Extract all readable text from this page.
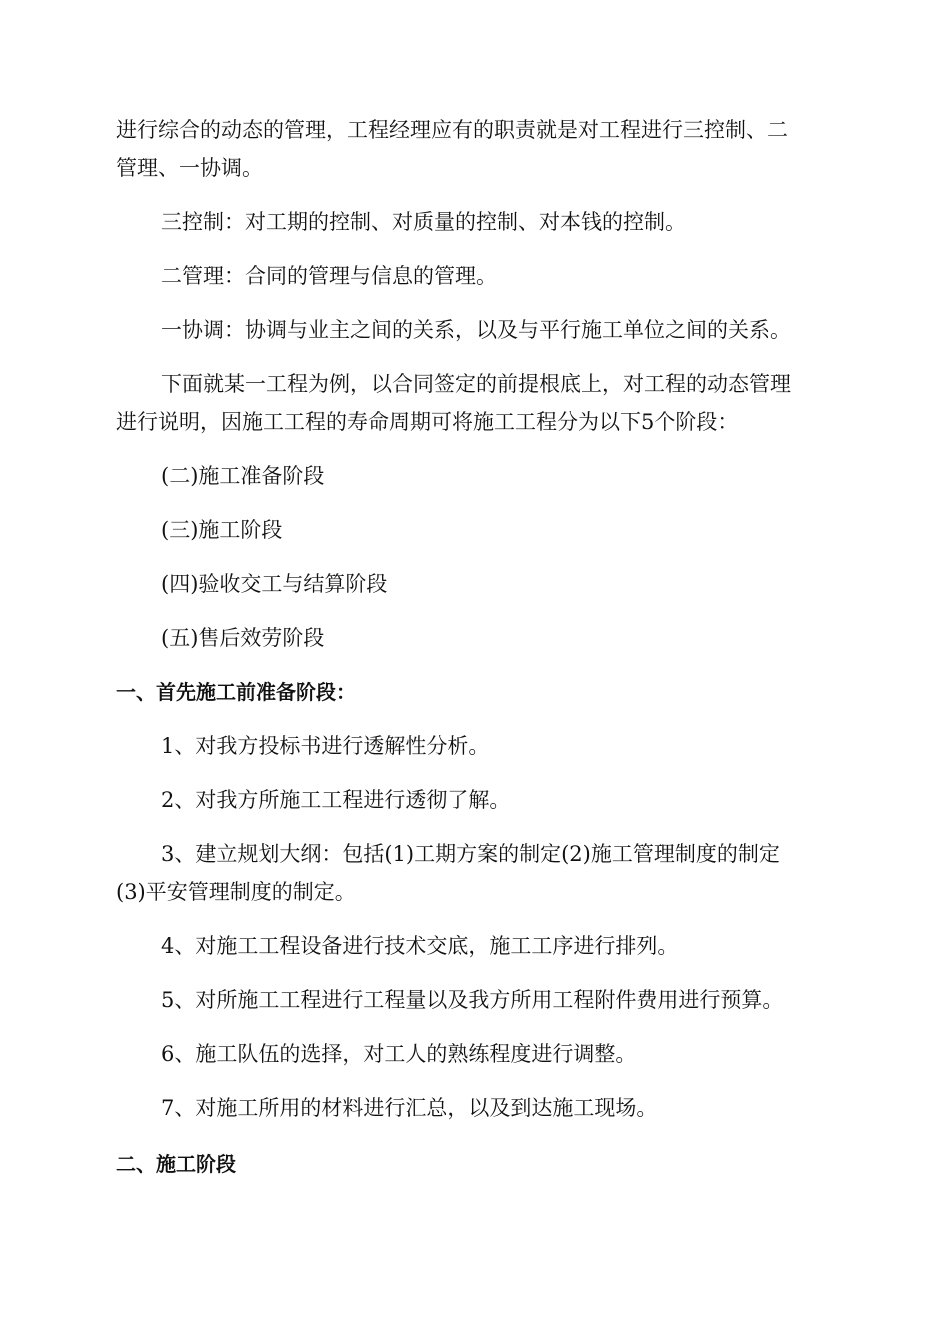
进行综合的动态的管理，工程经理应有的职责就是对工程进行三控制、二
管理、一协调。
三控制：对工期的控制、对质量的控制、对本钱的控制。
二管理：合同的管理与信息的管理。
一协调：协调与业主之间的关系，以及与平行施工单位之间的关系。
下面就某一工程为例，以合同签定的前提根底上，对工程的动态管理
进行说明，因施工工程的寿命周期可将施工工程分为以下5个阶段：
(二)施工准备阶段
(三)施工阶段
(四)验收交工与结算阶段
(五)售后效劳阶段
一、首先施工前准备阶段：
1、对我方投标书进行透解性分析。
2、对我方所施工工程进行透彻了解。
3、建立规划大纲：包括(1)工期方案的制定(2)施工管理制度的制定
(3)平安管理制度的制定。
4、对施工工程设备进行技术交底，施工工序进行排列。
5、对所施工工程进行工程量以及我方所用工程附件费用进行预算。
6、施工队伍的选择，对工人的熟练程度进行调整。
7、对施工所用的材料进行汇总，以及到达施工现场。
二、施工阶段
